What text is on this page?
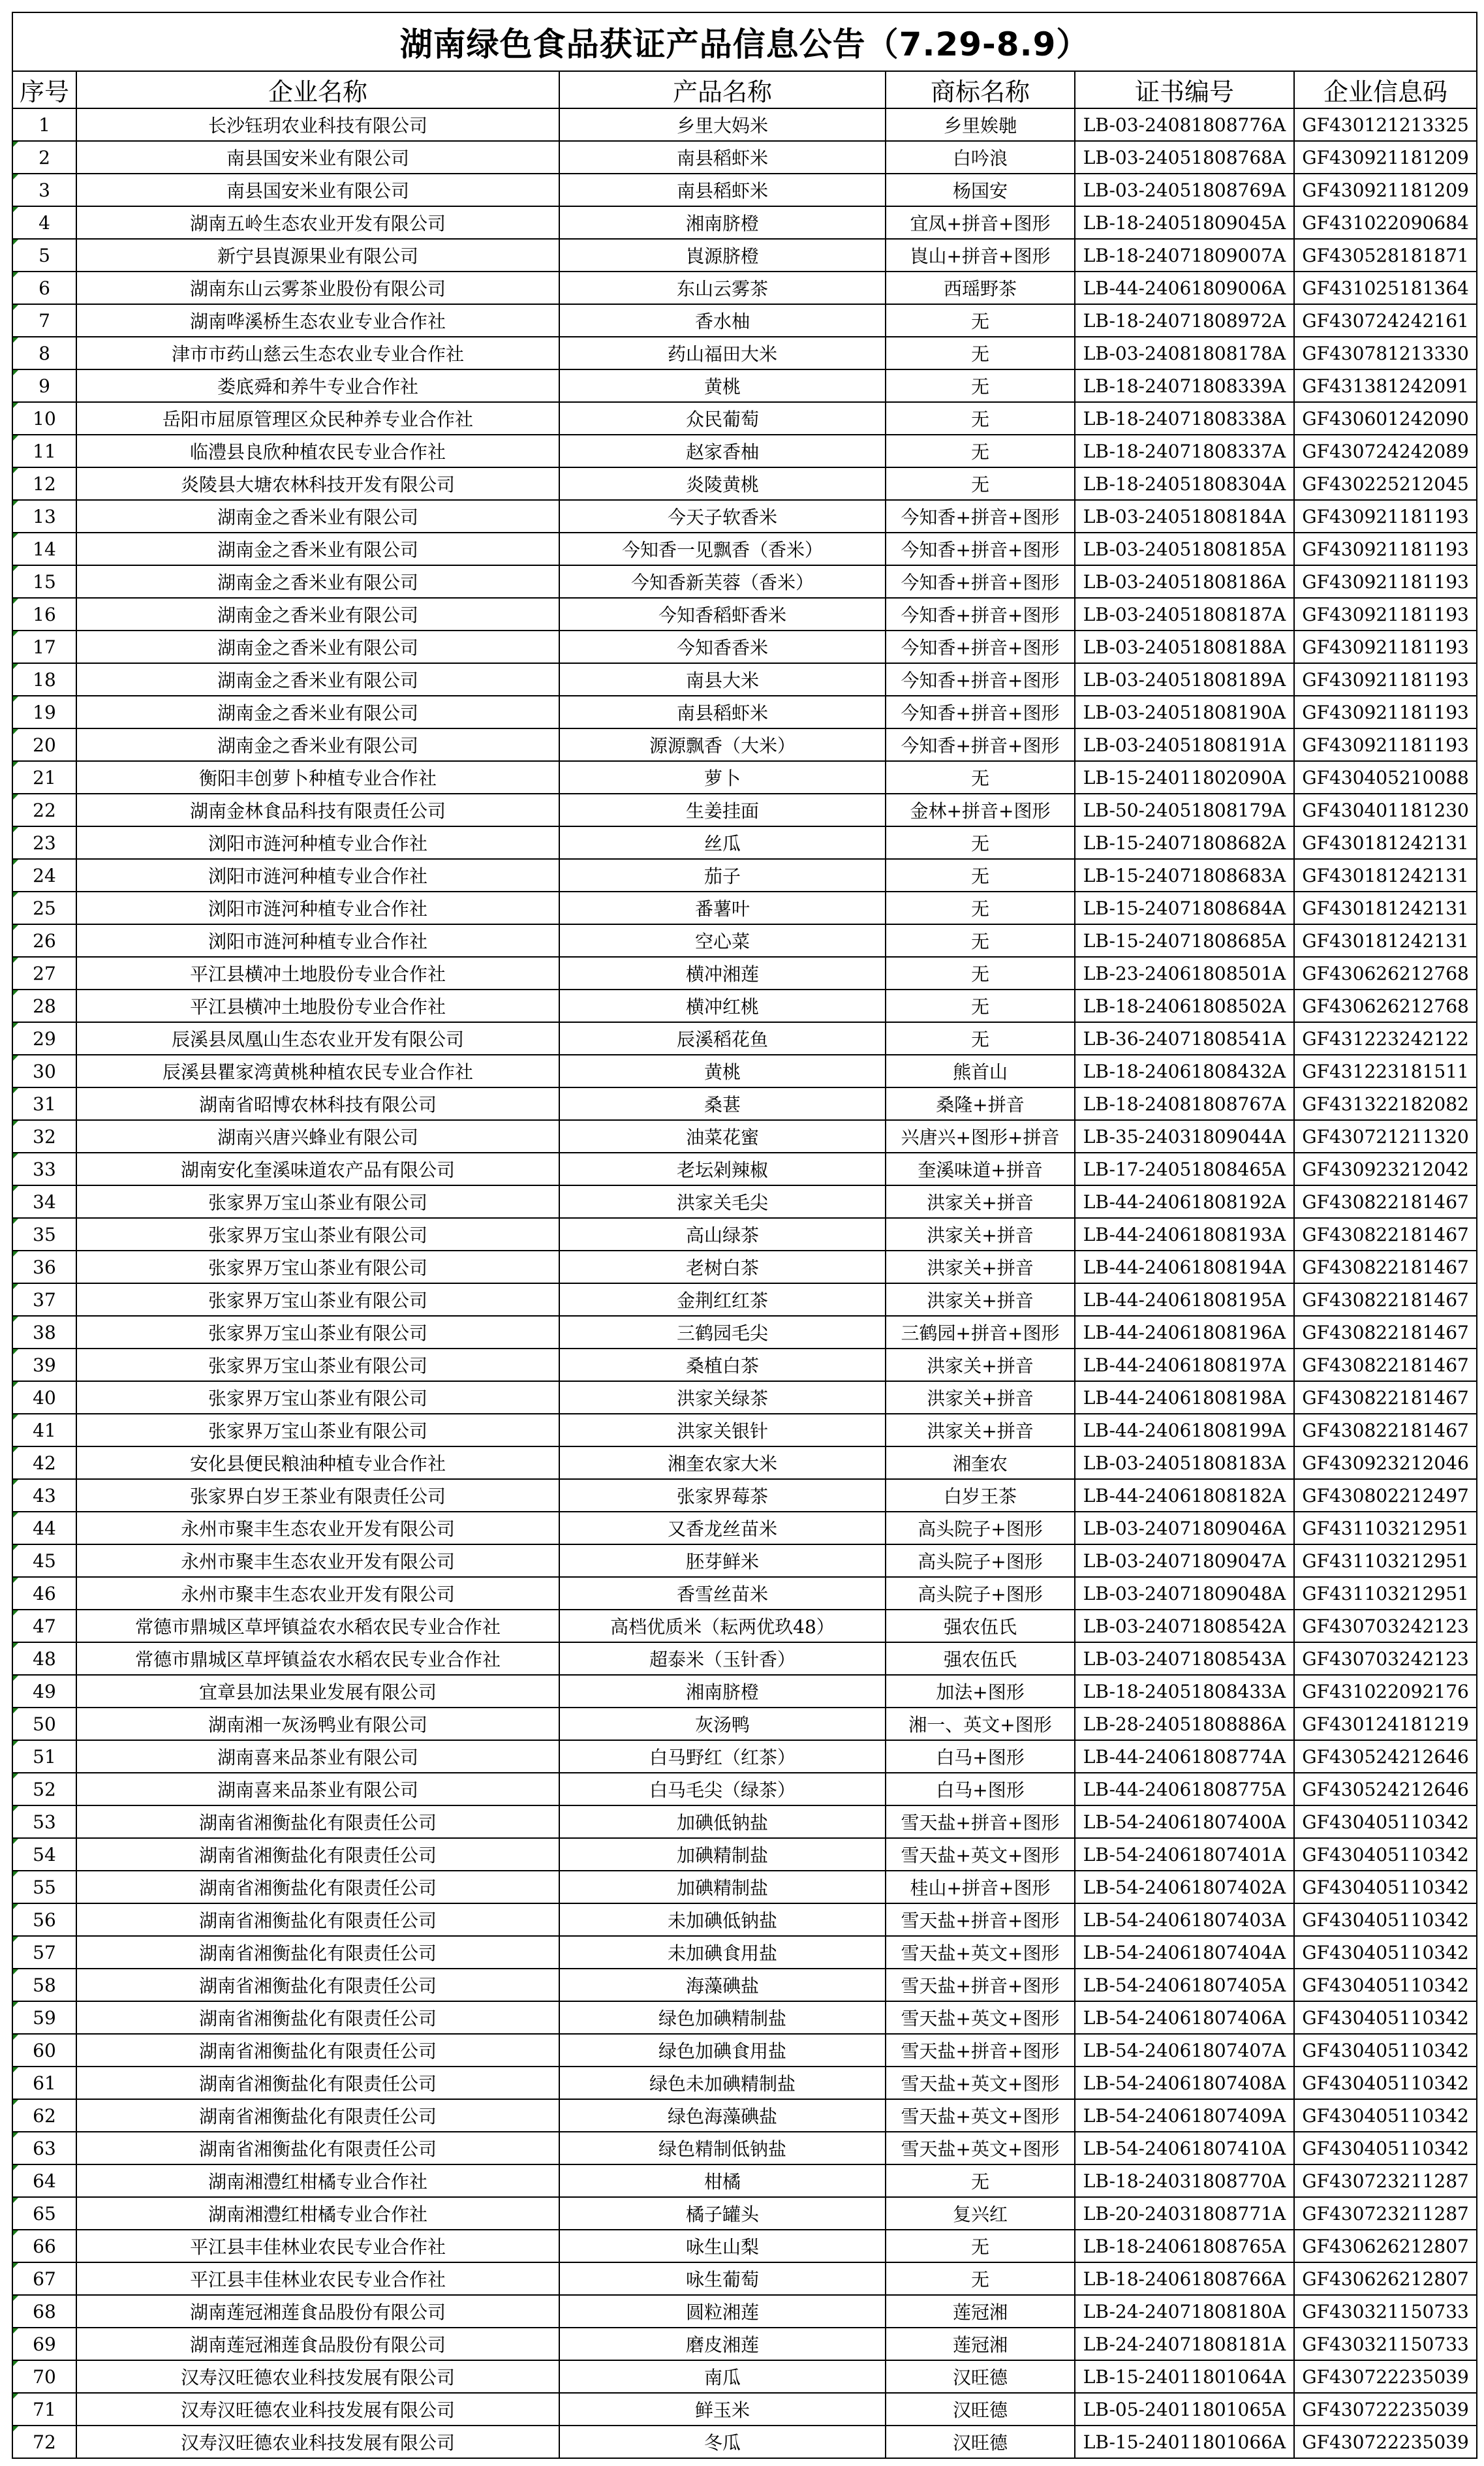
湖南绿色食品获证产品信息公告（7.29-8.9）					
序号	企业名称	产品名称	商标名称	证书编号	企业信息码
1	长沙钰玥农业科技有限公司	乡里大妈米	乡里娭毑	LB-03-24081808776A	GF430121213325
2	南县国安米业有限公司	南县稻虾米	白吟浪	LB-03-24051808768A	GF430921181209
3	南县国安米业有限公司	南县稻虾米	杨国安	LB-03-24051808769A	GF430921181209
4	湖南五岭生态农业开发有限公司	湘南脐橙	宜凤+拼音+图形	LB-18-24051809045A	GF431022090684
5	新宁县崀源果业有限公司	崀源脐橙	崀山+拼音+图形	LB-18-24071809007A	GF430528181871
6	湖南东山云雾茶业股份有限公司	东山云雾茶	西瑶野茶	LB-44-24061809006A	GF431025181364
7	湖南哗溪桥生态农业专业合作社	香水柚	无	LB-18-24071808972A	GF430724242161
8	津市市药山慈云生态农业专业合作社	药山福田大米	无	LB-03-24081808178A	GF430781213330
9	娄底舜和养牛专业合作社	黄桃	无	LB-18-24071808339A	GF431381242091
10	岳阳市屈原管理区众民种养专业合作社	众民葡萄	无	LB-18-24071808338A	GF430601242090
11	临澧县良欣种植农民专业合作社	赵家香柚	无	LB-18-24071808337A	GF430724242089
12	炎陵县大塘农林科技开发有限公司	炎陵黄桃	无	LB-18-24051808304A	GF430225212045
13	湖南金之香米业有限公司	今天子软香米	今知香+拼音+图形	LB-03-24051808184A	GF430921181193
14	湖南金之香米业有限公司	今知香一见飘香（香米）	今知香+拼音+图形	LB-03-24051808185A	GF430921181193
15	湖南金之香米业有限公司	今知香新芙蓉（香米）	今知香+拼音+图形	LB-03-24051808186A	GF430921181193
16	湖南金之香米业有限公司	今知香稻虾香米	今知香+拼音+图形	LB-03-24051808187A	GF430921181193
17	湖南金之香米业有限公司	今知香香米	今知香+拼音+图形	LB-03-24051808188A	GF430921181193
18	湖南金之香米业有限公司	南县大米	今知香+拼音+图形	LB-03-24051808189A	GF430921181193
19	湖南金之香米业有限公司	南县稻虾米	今知香+拼音+图形	LB-03-24051808190A	GF430921181193
20	湖南金之香米业有限公司	源源飘香（大米）	今知香+拼音+图形	LB-03-24051808191A	GF430921181193
21	衡阳丰创萝卜种植专业合作社	萝卜	无	LB-15-24011802090A	GF430405210088
22	湖南金林食品科技有限责任公司	生姜挂面	金林+拼音+图形	LB-50-24051808179A	GF430401181230
23	浏阳市涟河种植专业合作社	丝瓜	无	LB-15-24071808682A	GF430181242131
24	浏阳市涟河种植专业合作社	茄子	无	LB-15-24071808683A	GF430181242131
25	浏阳市涟河种植专业合作社	番薯叶	无	LB-15-24071808684A	GF430181242131
26	浏阳市涟河种植专业合作社	空心菜	无	LB-15-24071808685A	GF430181242131
27	平江县横冲土地股份专业合作社	横冲湘莲	无	LB-23-24061808501A	GF430626212768
28	平江县横冲土地股份专业合作社	横冲红桃	无	LB-18-24061808502A	GF430626212768
29	辰溪县凤凰山生态农业开发有限公司	辰溪稻花鱼	无	LB-36-24071808541A	GF431223242122
30	辰溪县瞿家湾黄桃种植农民专业合作社	黄桃	熊首山	LB-18-24061808432A	GF431223181511
31	湖南省昭博农林科技有限公司	桑葚	桑隆+拼音	LB-18-24081808767A	GF431322182082
32	湖南兴唐兴蜂业有限公司	油菜花蜜	兴唐兴+图形+拼音	LB-35-24031809044A	GF430721211320
33	湖南安化奎溪味道农产品有限公司	老坛剁辣椒	奎溪味道+拼音	LB-17-24051808465A	GF430923212042
34	张家界万宝山茶业有限公司	洪家关毛尖	洪家关+拼音	LB-44-24061808192A	GF430822181467
35	张家界万宝山茶业有限公司	高山绿茶	洪家关+拼音	LB-44-24061808193A	GF430822181467
36	张家界万宝山茶业有限公司	老树白茶	洪家关+拼音	LB-44-24061808194A	GF430822181467
37	张家界万宝山茶业有限公司	金荆红红茶	洪家关+拼音	LB-44-24061808195A	GF430822181467
38	张家界万宝山茶业有限公司	三鹤园毛尖	三鹤园+拼音+图形	LB-44-24061808196A	GF430822181467
39	张家界万宝山茶业有限公司	桑植白茶	洪家关+拼音	LB-44-24061808197A	GF430822181467
40	张家界万宝山茶业有限公司	洪家关绿茶	洪家关+拼音	LB-44-24061808198A	GF430822181467
41	张家界万宝山茶业有限公司	洪家关银针	洪家关+拼音	LB-44-24061808199A	GF430822181467
42	安化县便民粮油种植专业合作社	湘奎农家大米	湘奎农	LB-03-24051808183A	GF430923212046
43	张家界白岁王茶业有限责任公司	张家界莓茶	白岁王茶	LB-44-24061808182A	GF430802212497
44	永州市聚丰生态农业开发有限公司	又香龙丝苗米	高头院子+图形	LB-03-24071809046A	GF431103212951
45	永州市聚丰生态农业开发有限公司	胚芽鲜米	高头院子+图形	LB-03-24071809047A	GF431103212951
46	永州市聚丰生态农业开发有限公司	香雪丝苗米	高头院子+图形	LB-03-24071809048A	GF431103212951
47	常德市鼎城区草坪镇益农水稻农民专业合作社	高档优质米（耘两优玖48）	强农伍氏	LB-03-24071808542A	GF430703242123
48	常德市鼎城区草坪镇益农水稻农民专业合作社	超泰米（玉针香）	强农伍氏	LB-03-24071808543A	GF430703242123
49	宜章县加法果业发展有限公司	湘南脐橙	加法+图形	LB-18-24051808433A	GF431022092176
50	湖南湘一灰汤鸭业有限公司	灰汤鸭	湘一、英文+图形	LB-28-24051808886A	GF430124181219
51	湖南喜来品茶业有限公司	白马野红（红茶）	白马+图形	LB-44-24061808774A	GF430524212646
52	湖南喜来品茶业有限公司	白马毛尖（绿茶）	白马+图形	LB-44-24061808775A	GF430524212646
53	湖南省湘衡盐化有限责任公司	加碘低钠盐	雪天盐+拼音+图形	LB-54-24061807400A	GF430405110342
54	湖南省湘衡盐化有限责任公司	加碘精制盐	雪天盐+英文+图形	LB-54-24061807401A	GF430405110342
55	湖南省湘衡盐化有限责任公司	加碘精制盐	桂山+拼音+图形	LB-54-24061807402A	GF430405110342
56	湖南省湘衡盐化有限责任公司	未加碘低钠盐	雪天盐+拼音+图形	LB-54-24061807403A	GF430405110342
57	湖南省湘衡盐化有限责任公司	未加碘食用盐	雪天盐+英文+图形	LB-54-24061807404A	GF430405110342
58	湖南省湘衡盐化有限责任公司	海藻碘盐	雪天盐+拼音+图形	LB-54-24061807405A	GF430405110342
59	湖南省湘衡盐化有限责任公司	绿色加碘精制盐	雪天盐+英文+图形	LB-54-24061807406A	GF430405110342
60	湖南省湘衡盐化有限责任公司	绿色加碘食用盐	雪天盐+拼音+图形	LB-54-24061807407A	GF430405110342
61	湖南省湘衡盐化有限责任公司	绿色未加碘精制盐	雪天盐+英文+图形	LB-54-24061807408A	GF430405110342
62	湖南省湘衡盐化有限责任公司	绿色海藻碘盐	雪天盐+英文+图形	LB-54-24061807409A	GF430405110342
63	湖南省湘衡盐化有限责任公司	绿色精制低钠盐	雪天盐+英文+图形	LB-54-24061807410A	GF430405110342
64	湖南湘澧红柑橘专业合作社	柑橘	无	LB-18-24031808770A	GF430723211287
65	湖南湘澧红柑橘专业合作社	橘子罐头	复兴红	LB-20-24031808771A	GF430723211287
66	平江县丰佳林业农民专业合作社	咏生山梨	无	LB-18-24061808765A	GF430626212807
67	平江县丰佳林业农民专业合作社	咏生葡萄	无	LB-18-24061808766A	GF430626212807
68	湖南莲冠湘莲食品股份有限公司	圆粒湘莲	莲冠湘	LB-24-24071808180A	GF430321150733
69	湖南莲冠湘莲食品股份有限公司	磨皮湘莲	莲冠湘	LB-24-24071808181A	GF430321150733
70	汉寿汉旺德农业科技发展有限公司	南瓜	汉旺德	LB-15-24011801064A	GF430722235039
71	汉寿汉旺德农业科技发展有限公司	鲜玉米	汉旺德	LB-05-24011801065A	GF430722235039
72	汉寿汉旺德农业科技发展有限公司	冬瓜	汉旺德	LB-15-24011801066A	GF430722235039
